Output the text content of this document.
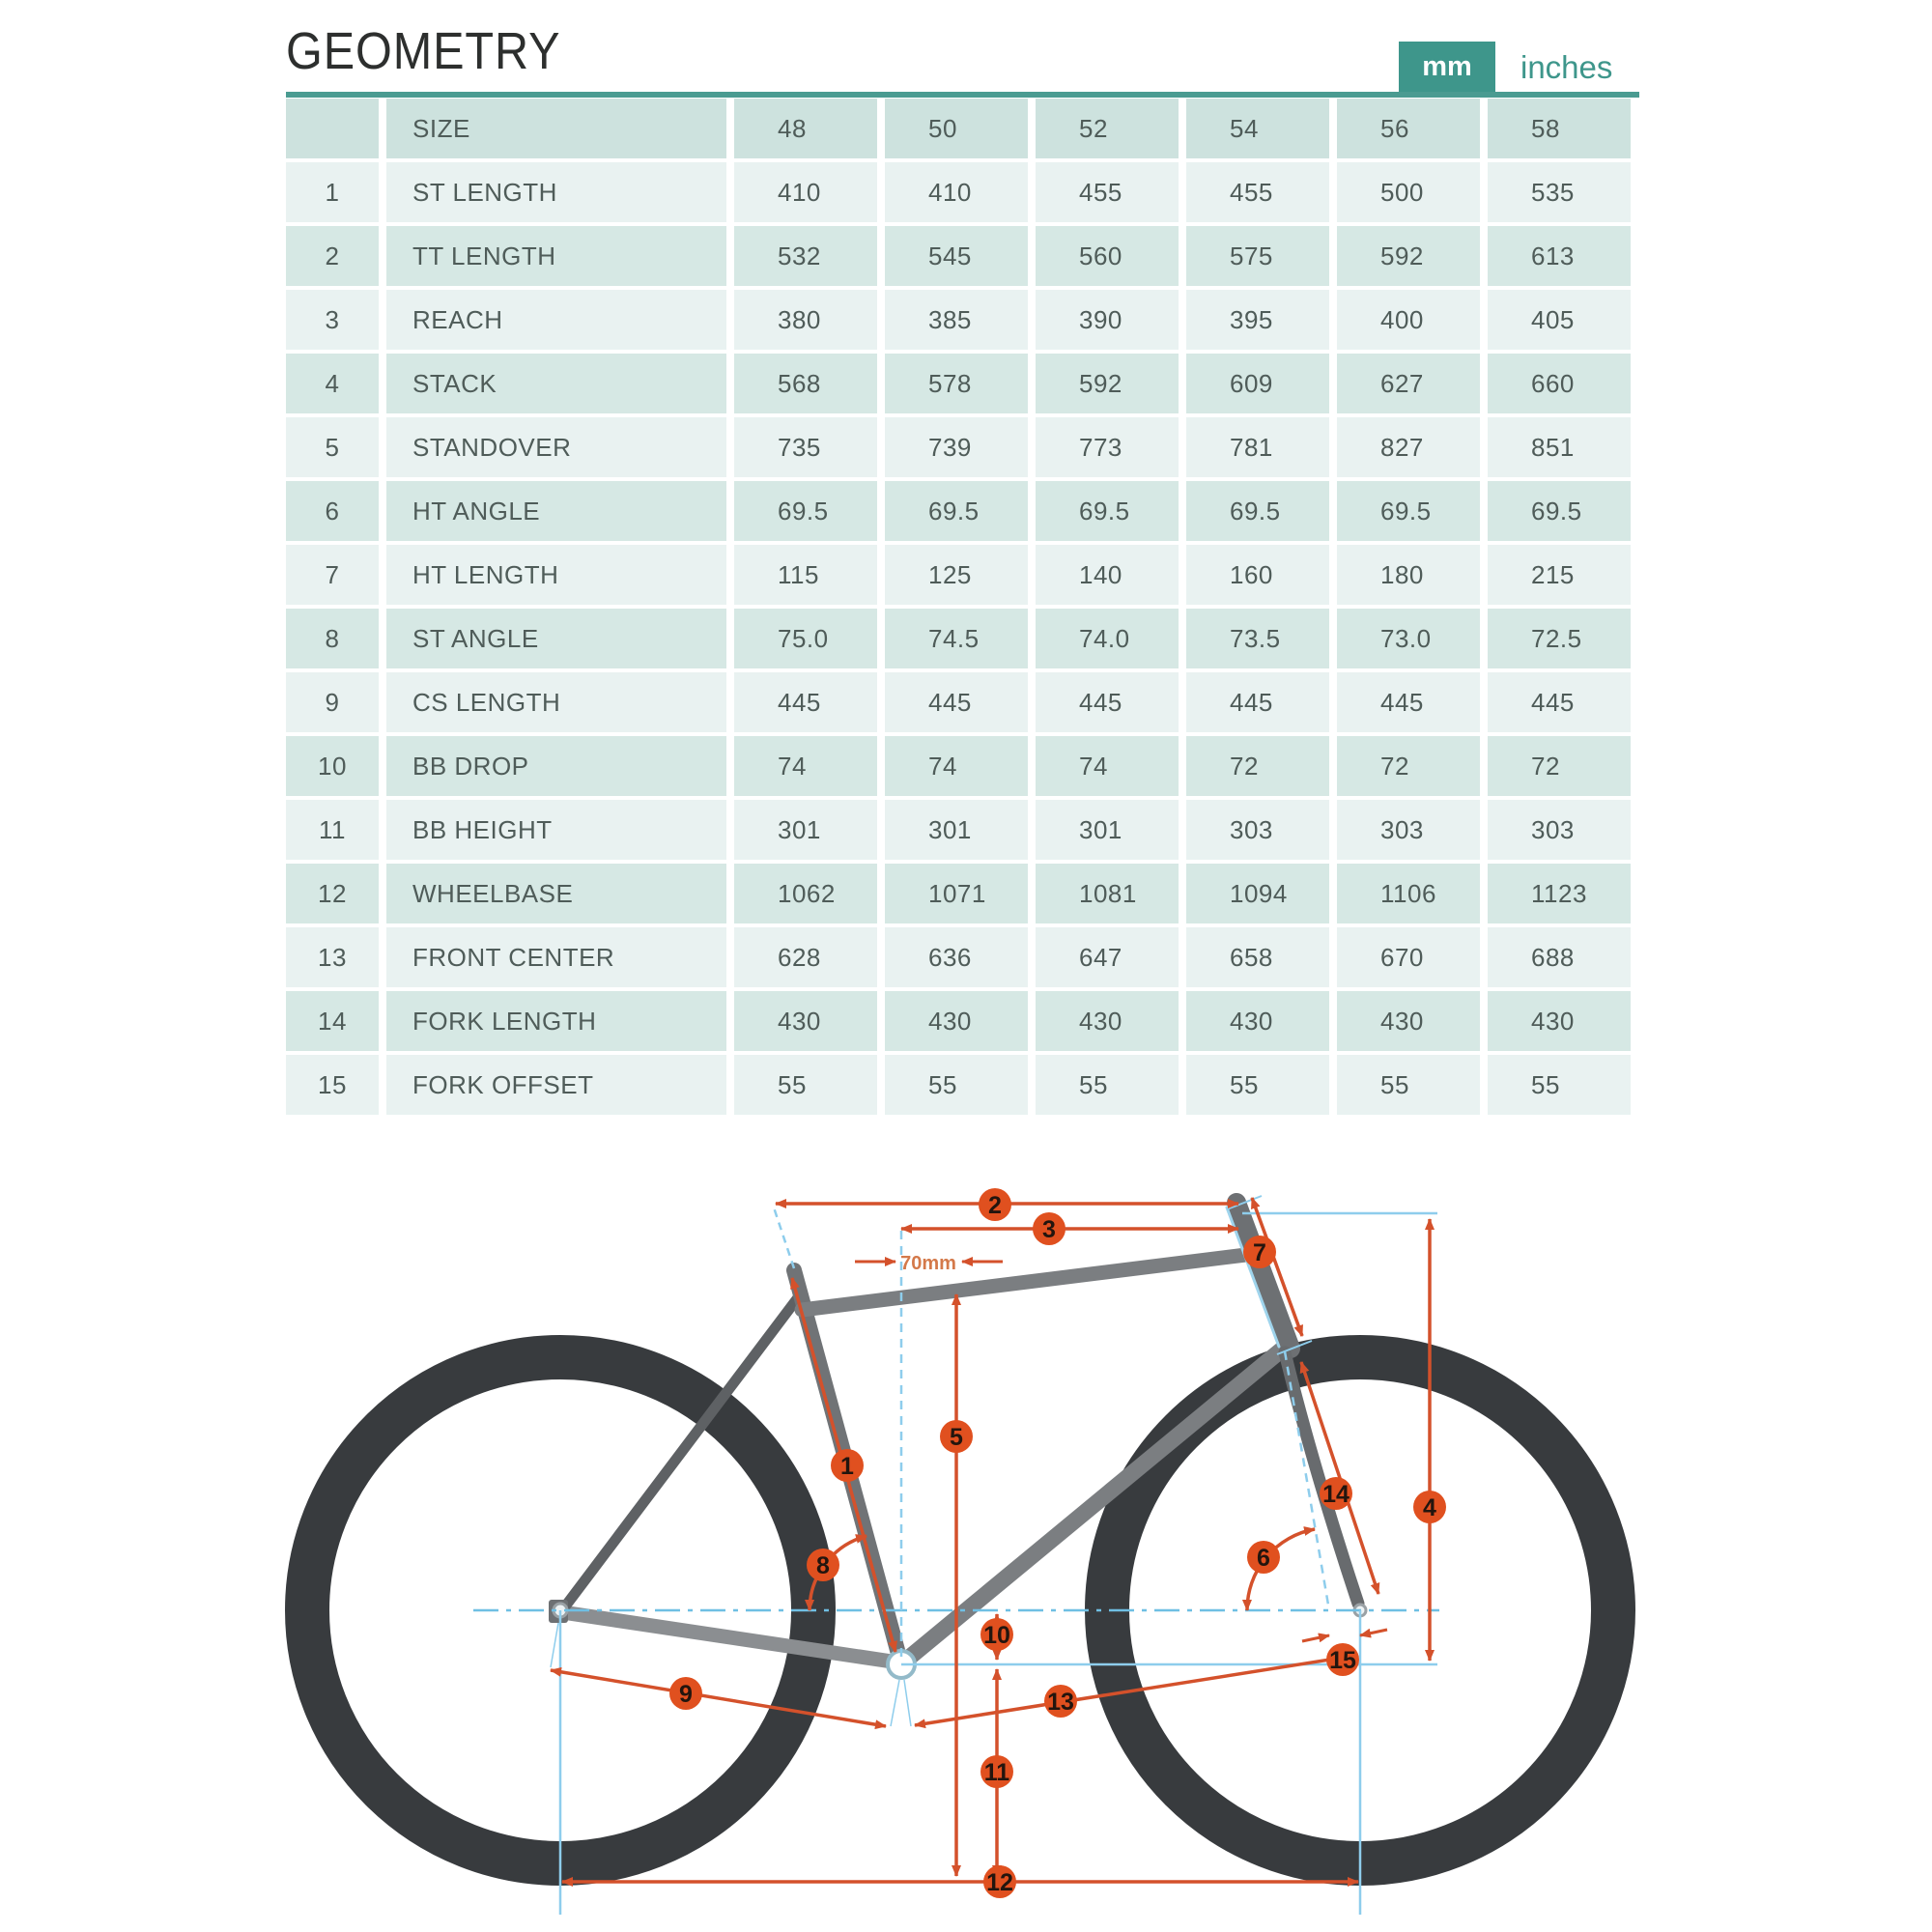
GEOMETRY	mm	inches
	SIZE	48	50	52	54	56	58
1	ST LENGTH	410	410	455	455	500	535
2	TT LENGTH	532	545	560	575	592	613
3	REACH	380	385	390	395	400	405
4	STACK	568	578	592	609	627	660
5	STANDOVER	735	739	773	781	827	851
6	HT ANGLE	69.5	69.5	69.5	69.5	69.5	69.5
7	HT LENGTH	115	125	140	160	180	215
8	ST ANGLE	75.0	74.5	74.0	73.5	73.0	72.5
9	CS LENGTH	445	445	445	445	445	445
10	BB DROP	74	74	74	72	72	72
11	BB HEIGHT	301	301	301	303	303	303
12	WHEELBASE	1062	1071	1081	1094	1106	1123
13	FRONT CENTER	628	636	647	658	670	688
14	FORK LENGTH	430	430	430	430	430	430
15	FORK OFFSET	55	55	55	55	55	55
70mm
1
2
3
4
5
6
7
8
9
10
11
12
13
14
15
